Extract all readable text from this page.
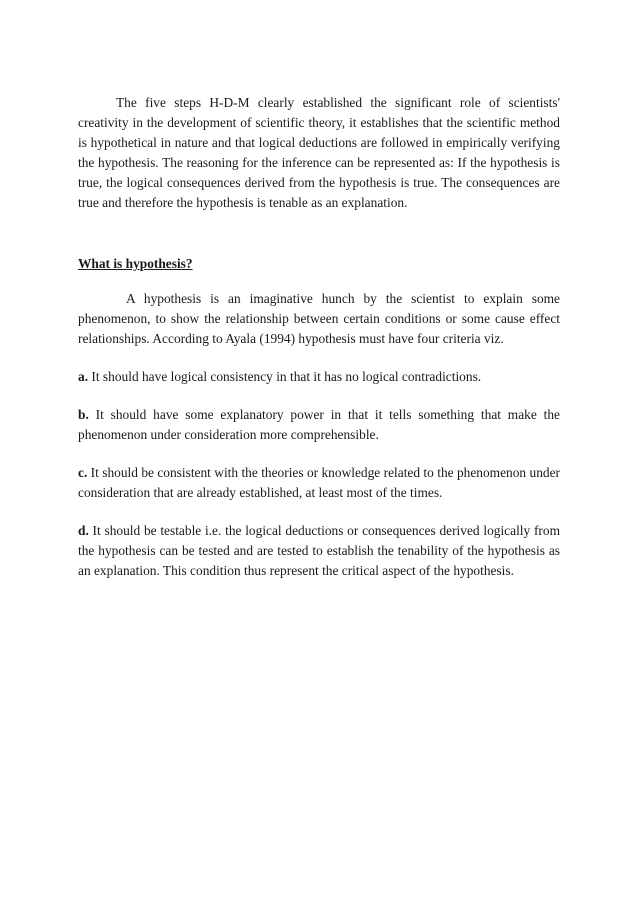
The five steps H-D-M clearly established the significant role of scientists' creativity in the development of scientific theory, it establishes that the scientific method is hypothetical in nature and that logical deductions are followed in empirically verifying the hypothesis. The reasoning for the inference can be represented as: If the hypothesis is true, the logical consequences derived from the hypothesis is true. The consequences are true and therefore the hypothesis is tenable as an explanation.

What is hypothesis?

A hypothesis is an imaginative hunch by the scientist to explain some phenomenon, to show the relationship between certain conditions or some cause effect relationships. According to Ayala (1994) hypothesis must have four criteria viz.

a. It should have logical consistency in that it has no logical contradictions.

b. It should have some explanatory power in that it tells something that make the phenomenon under consideration more comprehensible.

c. It should be consistent with the theories or knowledge related to the phenomenon under consideration that are already established, at least most of the times.

d. It should be testable i.e. the logical deductions or consequences derived logically from the hypothesis can be tested and are tested to establish the tenability of the hypothesis as an explanation. This condition thus represent the critical aspect of the hypothesis.
